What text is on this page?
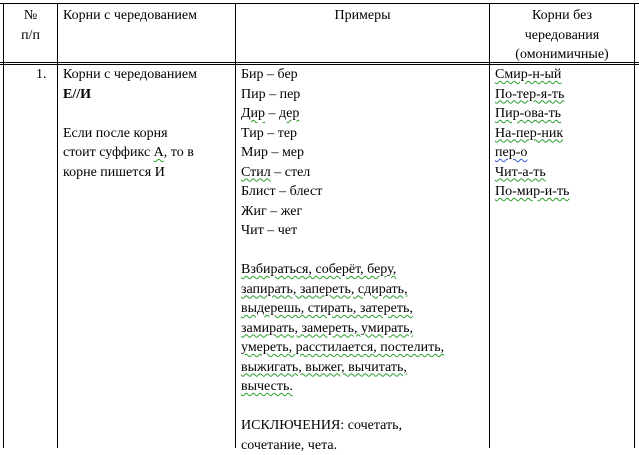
№
п/п
Корни с чередованием	Примеры	Корни без
чередования
(омонимичные)
1. Корни с чередованием
Е//И

Если после корня
стоит суффикс А, то в
корне пишется И
Бир – бер
Пир – пер
Дир – дер
Тир – тер
Мир – мер
Стил – стел
Блист – блест
Жиг – жег
Чит – чет

Взбираться, соберёт, беру,
запирать, запереть, сдирать,
выдерешь, стирать, затереть,
замирать, замереть, умирать,
умереть, расстилается, постелить,
выжигать, выжег, вычитать,
вычесть.

ИСКЛЮЧЕНИЯ: сочетать,
сочетание, чета.
Смир-н-ый
По-тер-я-ть
Пир-ова-ть
На-пер-ник
пер-о
Чит-а-ть
По-мир-и-ть
